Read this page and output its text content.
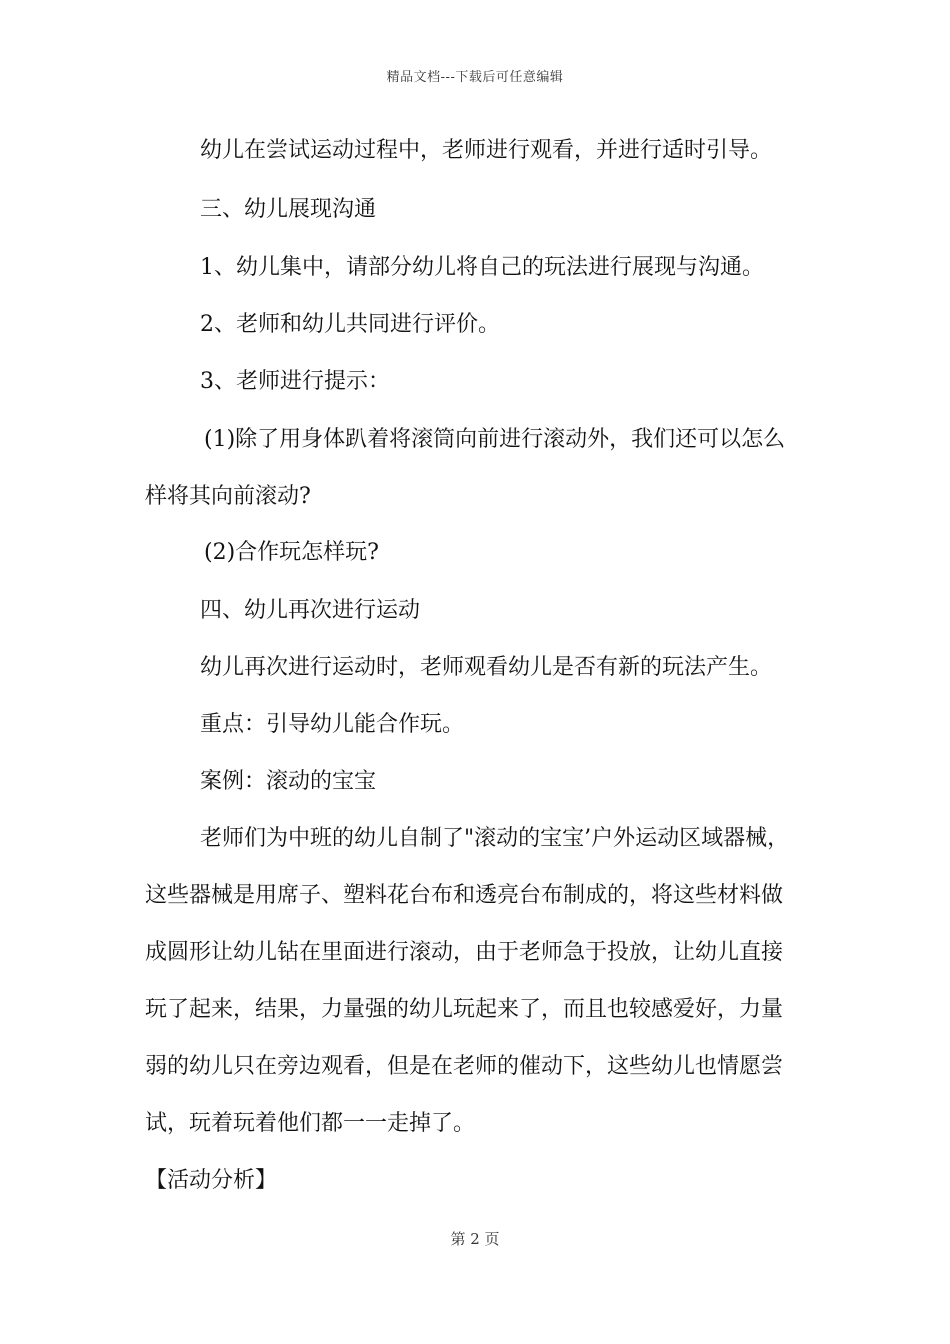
精品文档---下载后可任意编辑
幼儿在尝试运动过程中，老师进行观看，并进行适时引导。
三、幼儿展现沟通
1、幼儿集中，请部分幼儿将自己的玩法进行展现与沟通。
2、老师和幼儿共同进行评价。
3、老师进行提示：
(1)除了用身体趴着将滚筒向前进行滚动外，我们还可以怎么
样将其向前滚动?
(2)合作玩怎样玩?
四、幼儿再次进行运动
幼儿再次进行运动时，老师观看幼儿是否有新的玩法产生。
重点：引导幼儿能合作玩。
案例：滚动的宝宝
老师们为中班的幼儿自制了"滚动的宝宝’户外运动区域器械，
这些器械是用席子、塑料花台布和透亮台布制成的，将这些材料做
成圆形让幼儿钻在里面进行滚动，由于老师急于投放，让幼儿直接
玩了起来，结果，力量强的幼儿玩起来了，而且也较感爱好，力量
弱的幼儿只在旁边观看，但是在老师的催动下，这些幼儿也情愿尝
试，玩着玩着他们都一一走掉了。
【活动分析】
第 2 页
